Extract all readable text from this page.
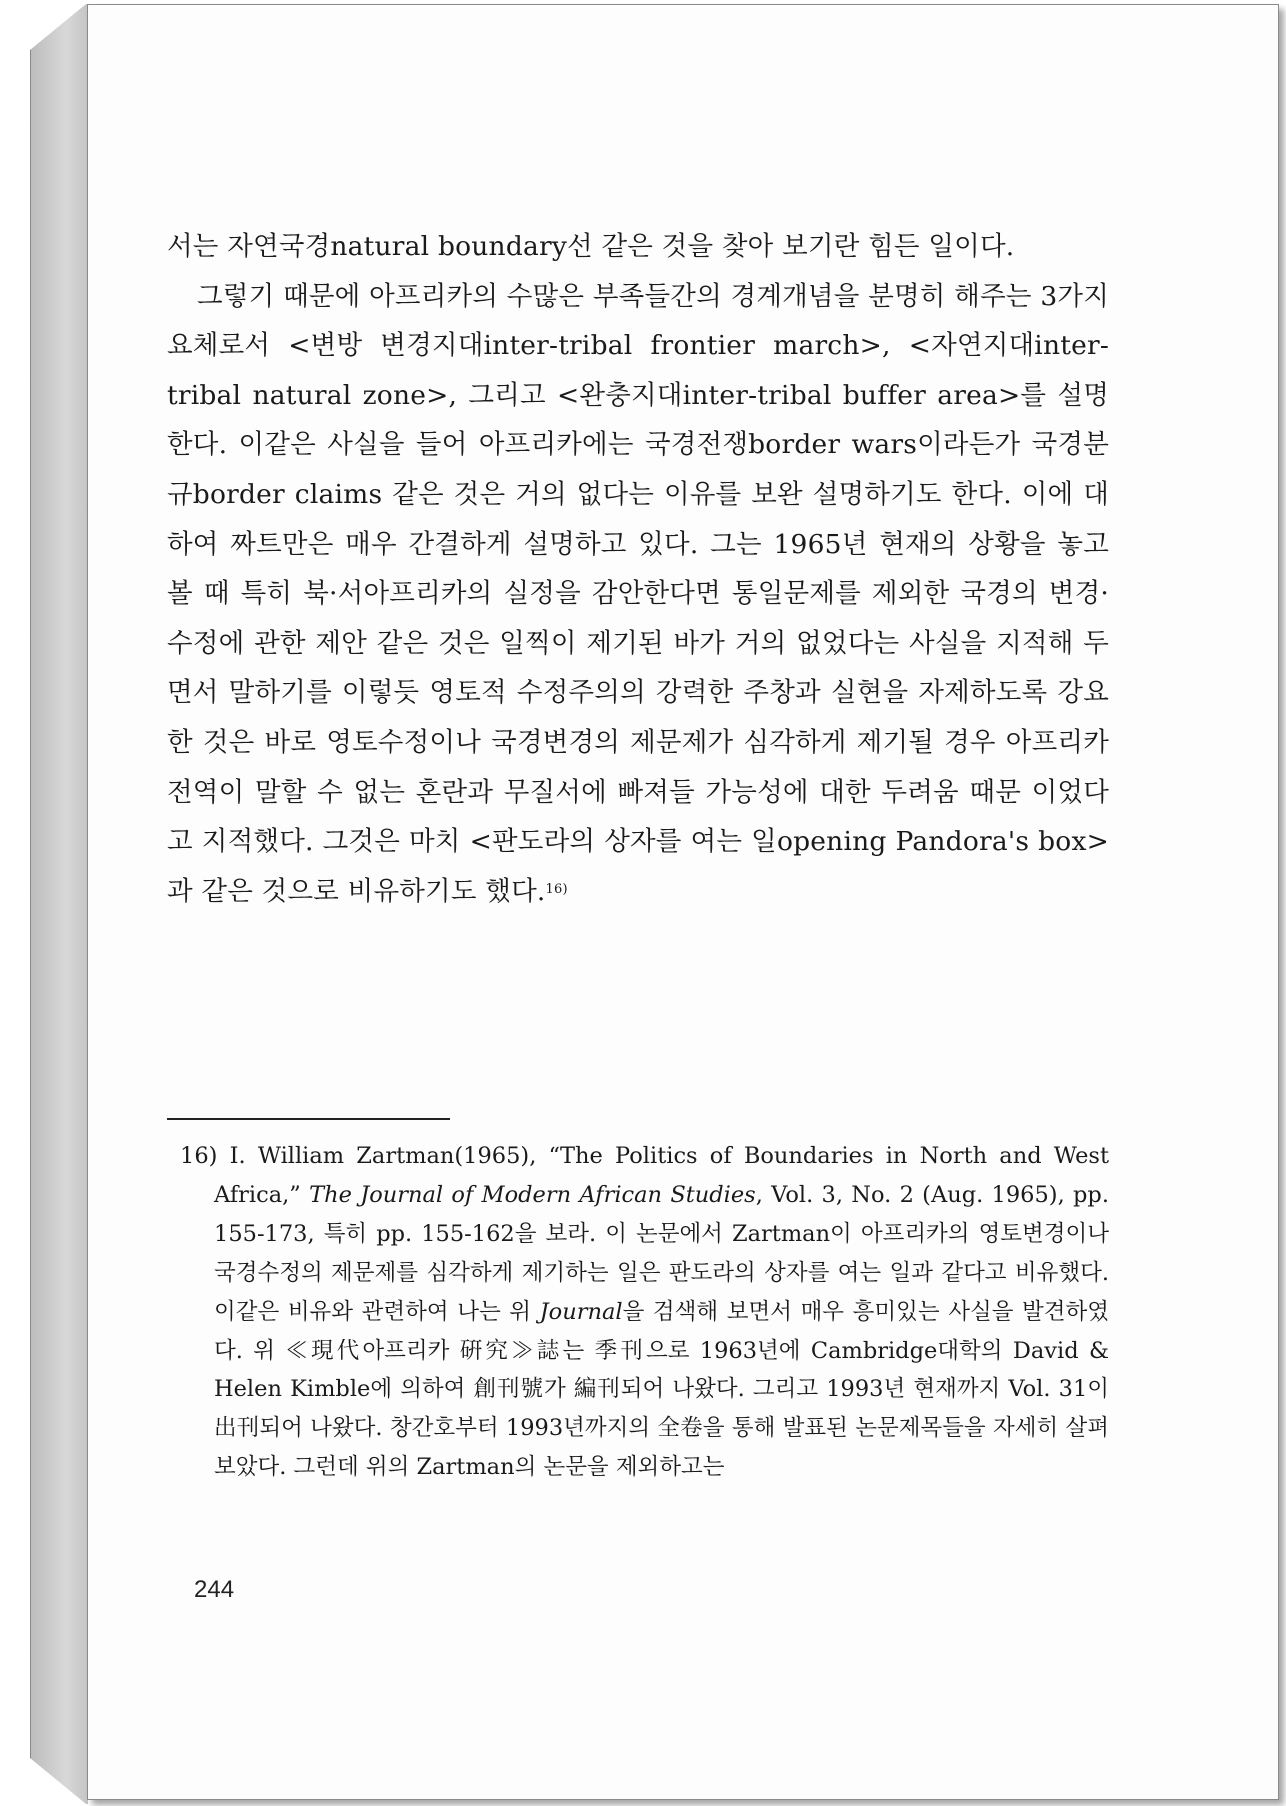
서는 자연국경natural boundary선 같은 것을 찾아 보기란 힘든 일이다.

그렇기 때문에 아프리카의 수많은 부족들간의 경계개념을 분명히 해주는 3가지 요체로서 <변방 변경지대inter-tribal frontier march>, <자연지대inter-tribal natural zone>, 그리고 <완충지대inter-tribal buffer area>를 설명한다. 이같은 사실을 들어 아프리카에는 국경전쟁border wars이라든가 국경분규border claims 같은 것은 거의 없다는 이유를 보완 설명하기도 한다. 이에 대하여 짜트만은 매우 간결하게 설명하고 있다. 그는 1965년 현재의 상황을 놓고 볼 때 특히 북·서아프리카의 실정을 감안한다면 통일문제를 제외한 국경의 변경·수정에 관한 제안 같은 것은 일찍이 제기된 바가 거의 없었다는 사실을 지적해 두면서 말하기를 이렇듯 영토적 수정주의의 강력한 주창과 실현을 자제하도록 강요한 것은 바로 영토수정이나 국경변경의 제문제가 심각하게 제기될 경우 아프리카 전역이 말할 수 없는 혼란과 무질서에 빠져들 가능성에 대한 두려움 때문 이었다고 지적했다. 그것은 마치 <판도라의 상자를 여는 일opening Pandora's box>과 같은 것으로 비유하기도 했다.$^{16)}$

16) I. William Zartman(1965), “The Politics of Boundaries in North and West Africa,” The Journal of Modern African Studies, Vol. 3, No. 2 (Aug. 1965), pp. 155-173, 특히 pp. 155-162을 보라. 이 논문에서 Zartman이 아프리카의 영토변경이나 국경수정의 제문제를 심각하게 제기하는 일은 판도라의 상자를 여는 일과 같다고 비유했다. 이같은 비유와 관련하여 나는 위 Journal을 검색해 보면서 매우 흥미있는 사실을 발견하였다. 위 ≪現代아프리카 硏究≫誌는 季刊으로 1963년에 Cambridge대학의 David & Helen Kimble에 의하여 創刊號가 編刊되어 나왔다. 그리고 1993년 현재까지 Vol. 31이 出刊되어 나왔다. 창간호부터 1993년까지의 全卷을 통해 발표된 논문제목들을 자세히 살펴보았다. 그런데 위의 Zartman의 논문을 제외하고는
244
